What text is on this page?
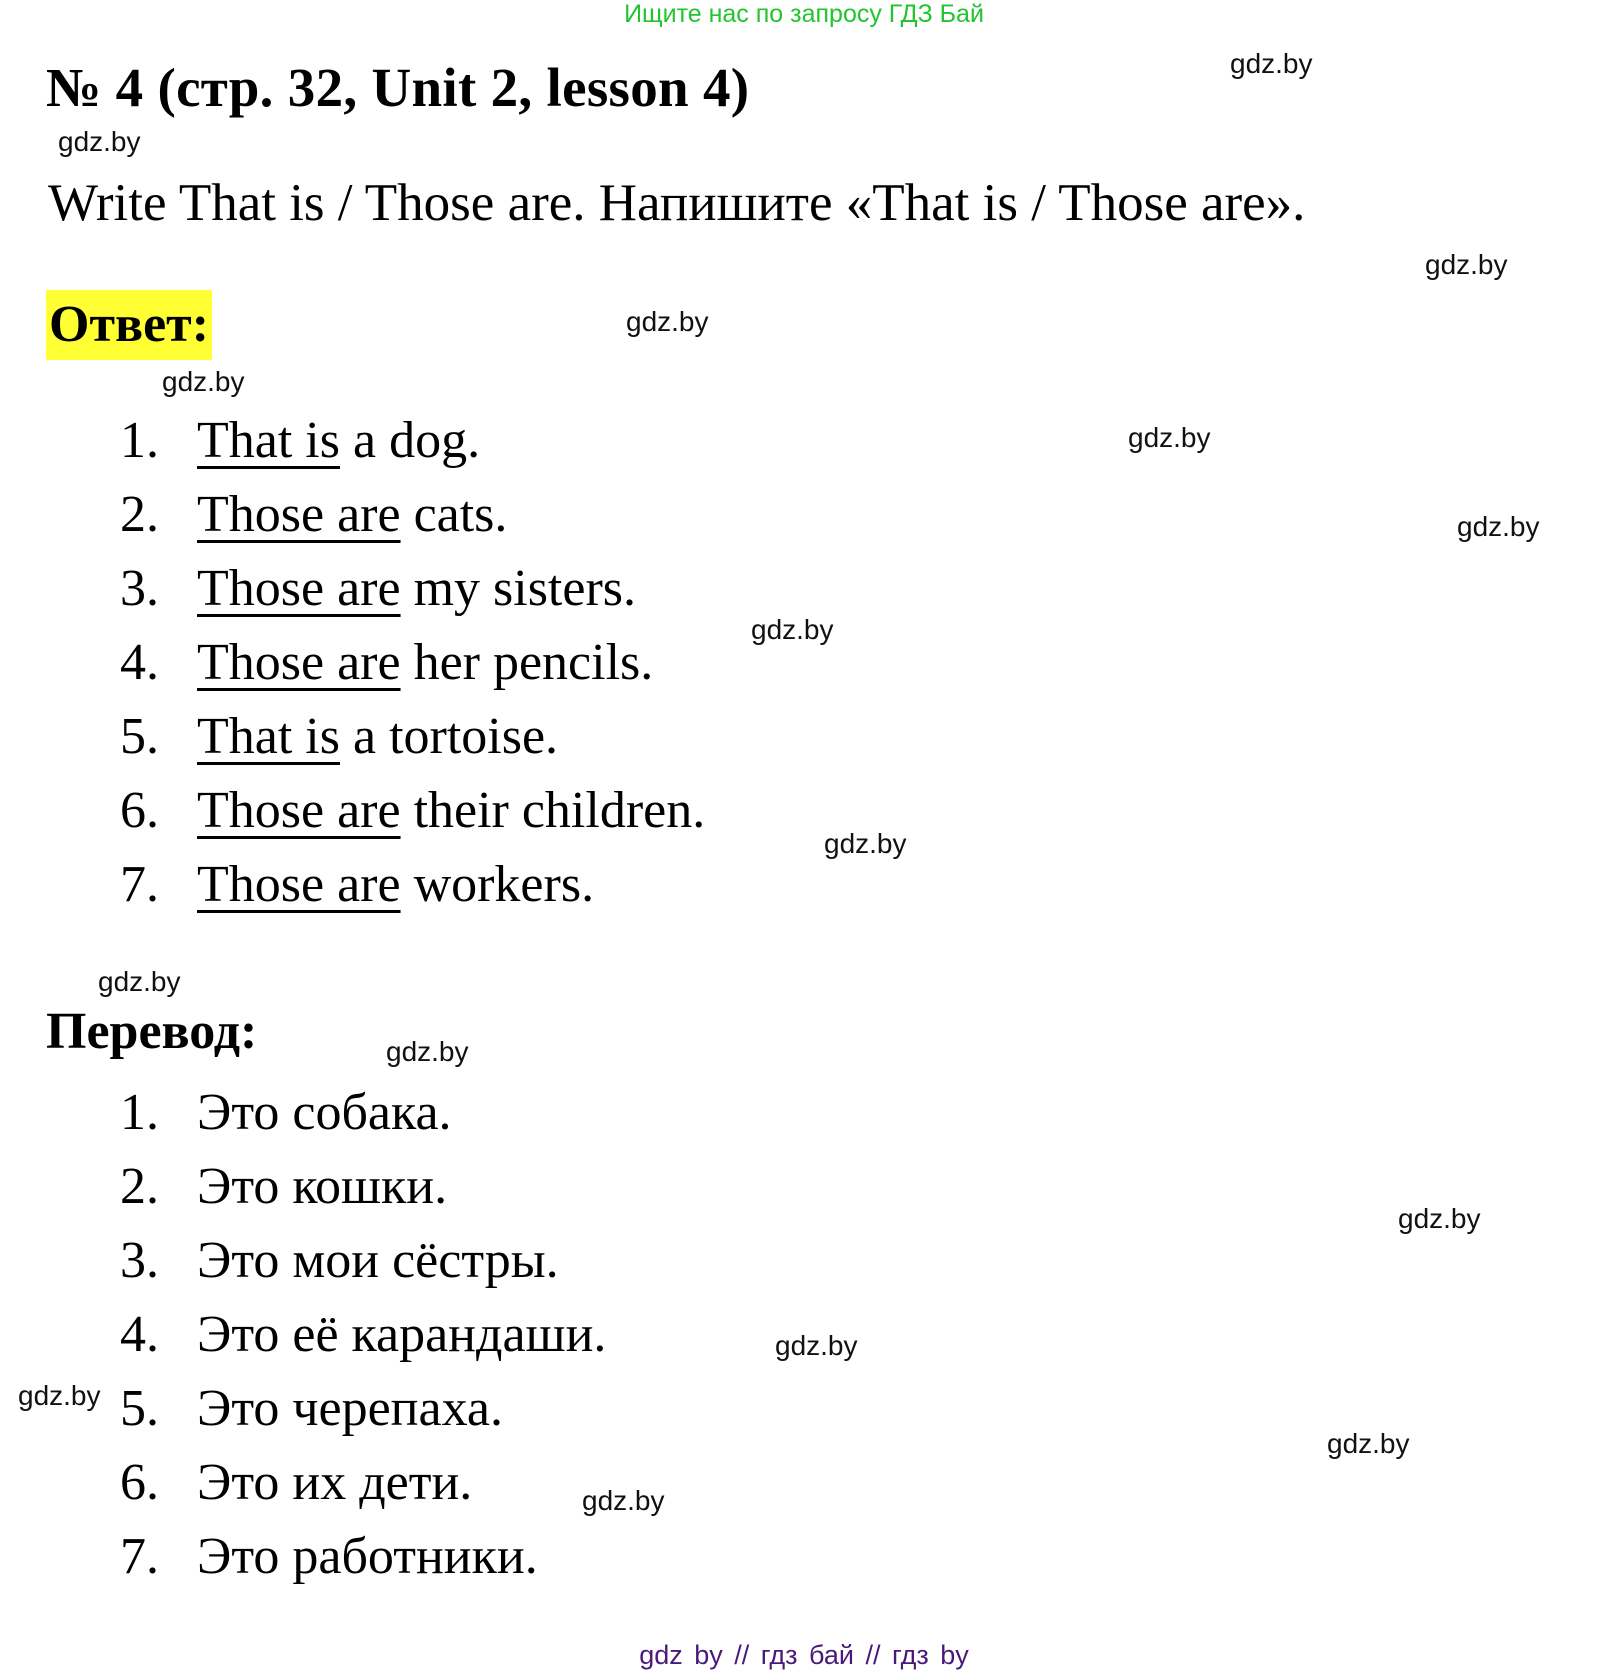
Ищите нас по запросу ГДЗ Бай
№ 4 (стр. 32, Unit 2, lesson 4)
Write That is / Those are. Напишите «That is / Those are».
Ответ:
1. That is a dog.
2. Those are cats.
3. Those are my sisters.
4. Those are her pencils.
5. That is a tortoise.
6. Those are their children.
7. Those are workers.
Перевод:
1. Это собака.
2. Это кошки.
3. Это мои сёстры.
4. Это её карандаши.
5. Это черепаха.
6. Это их дети.
7. Это работники.
gdz.by
gdz.by
gdz.by
gdz.by
gdz.by
gdz.by
gdz.by
gdz.by
gdz.by
gdz.by
gdz.by
gdz.by
gdz.by
gdz.by
gdz.by
gdz.by
gdz by // гдз бай // гдз by
